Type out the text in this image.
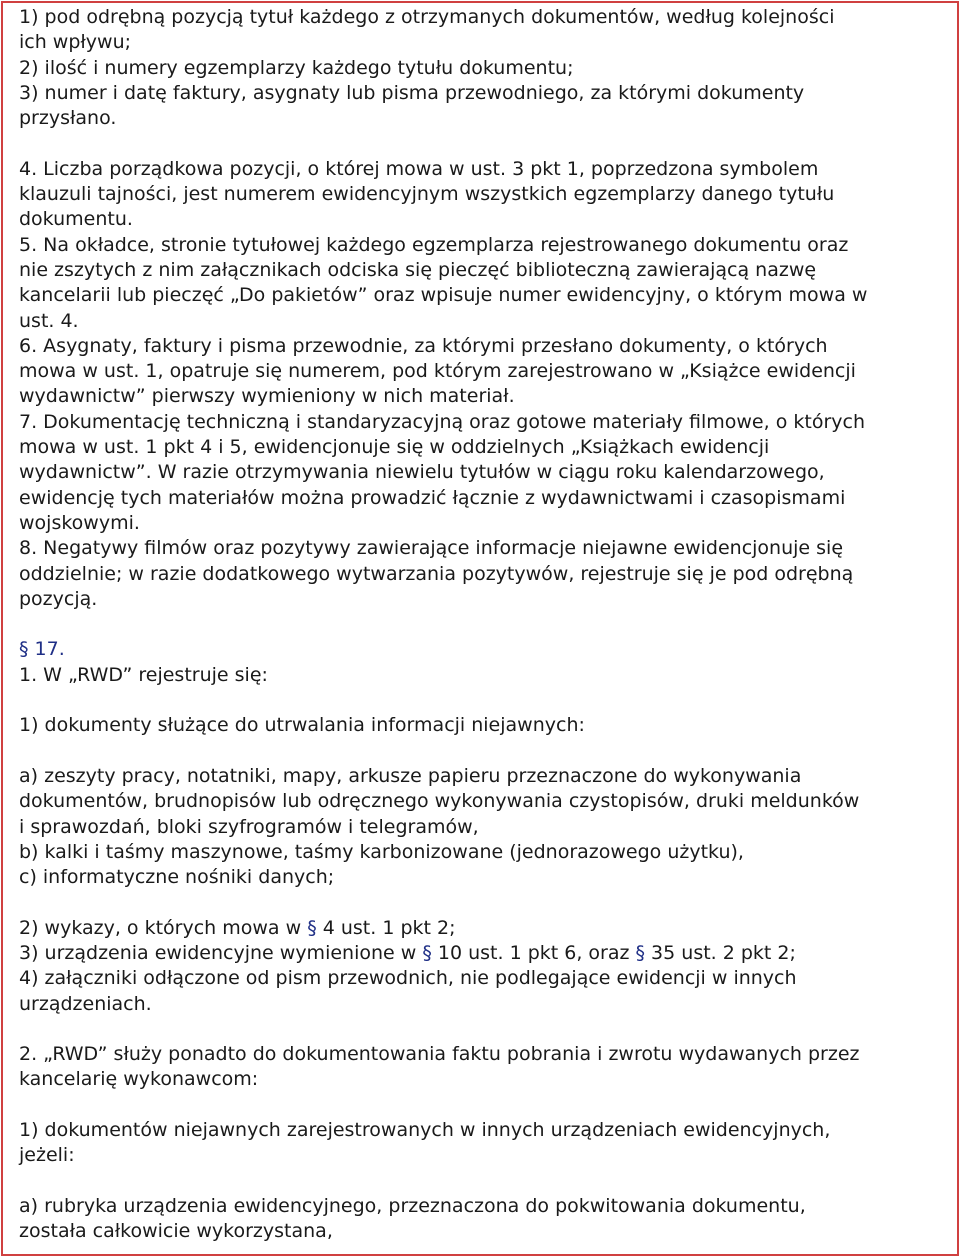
1) pod odrębną pozycją tytuł każdego z otrzymanych dokumentów, według kolejności
ich wpływu;
2) ilość i numery egzemplarzy każdego tytułu dokumentu;
3) numer i datę faktury, asygnaty lub pisma przewodniego, za którymi dokumenty
przysłano.
4. Liczba porządkowa pozycji, o której mowa w ust. 3 pkt 1, poprzedzona symbolem
klauzuli tajności, jest numerem ewidencyjnym wszystkich egzemplarzy danego tytułu
dokumentu.
5. Na okładce, stronie tytułowej każdego egzemplarza rejestrowanego dokumentu oraz
nie zszytych z nim załącznikach odciska się pieczęć biblioteczną zawierającą nazwę
kancelarii lub pieczęć „Do pakietów” oraz wpisuje numer ewidencyjny, o którym mowa w
ust. 4.
6. Asygnaty, faktury i pisma przewodnie, za którymi przesłano dokumenty, o których
mowa w ust. 1, opatruje się numerem, pod którym zarejestrowano w „Książce ewidencji
wydawnictw” pierwszy wymieniony w nich materiał.
7. Dokumentację techniczną i standaryzacyjną oraz gotowe materiały filmowe, o których
mowa w ust. 1 pkt 4 i 5, ewidencjonuje się w oddzielnych „Książkach ewidencji
wydawnictw”. W razie otrzymywania niewielu tytułów w ciągu roku kalendarzowego,
ewidencję tych materiałów można prowadzić łącznie z wydawnictwami i czasopismami
wojskowymi.
8. Negatywy filmów oraz pozytywy zawierające informacje niejawne ewidencjonuje się
oddzielnie; w razie dodatkowego wytwarzania pozytywów, rejestruje się je pod odrębną
pozycją.
§ 17.
1. W „RWD” rejestruje się:
1) dokumenty służące do utrwalania informacji niejawnych:
a) zeszyty pracy, notatniki, mapy, arkusze papieru przeznaczone do wykonywania
dokumentów, brudnopisów lub odręcznego wykonywania czystopisów, druki meldunków
i sprawozdań, bloki szyfrogramów i telegramów,
b) kalki i taśmy maszynowe, taśmy karbonizowane (jednorazowego użytku),
c) informatyczne nośniki danych;
2) wykazy, o których mowa w § 4 ust. 1 pkt 2;
3) urządzenia ewidencyjne wymienione w § 10 ust. 1 pkt 6, oraz § 35 ust. 2 pkt 2;
4) załączniki odłączone od pism przewodnich, nie podlegające ewidencji w innych
urządzeniach.
2. „RWD” służy ponadto do dokumentowania faktu pobrania i zwrotu wydawanych przez
kancelarię wykonawcom:
1) dokumentów niejawnych zarejestrowanych w innych urządzeniach ewidencyjnych,
jeżeli:
a) rubryka urządzenia ewidencyjnego, przeznaczona do pokwitowania dokumentu,
została całkowicie wykorzystana,
